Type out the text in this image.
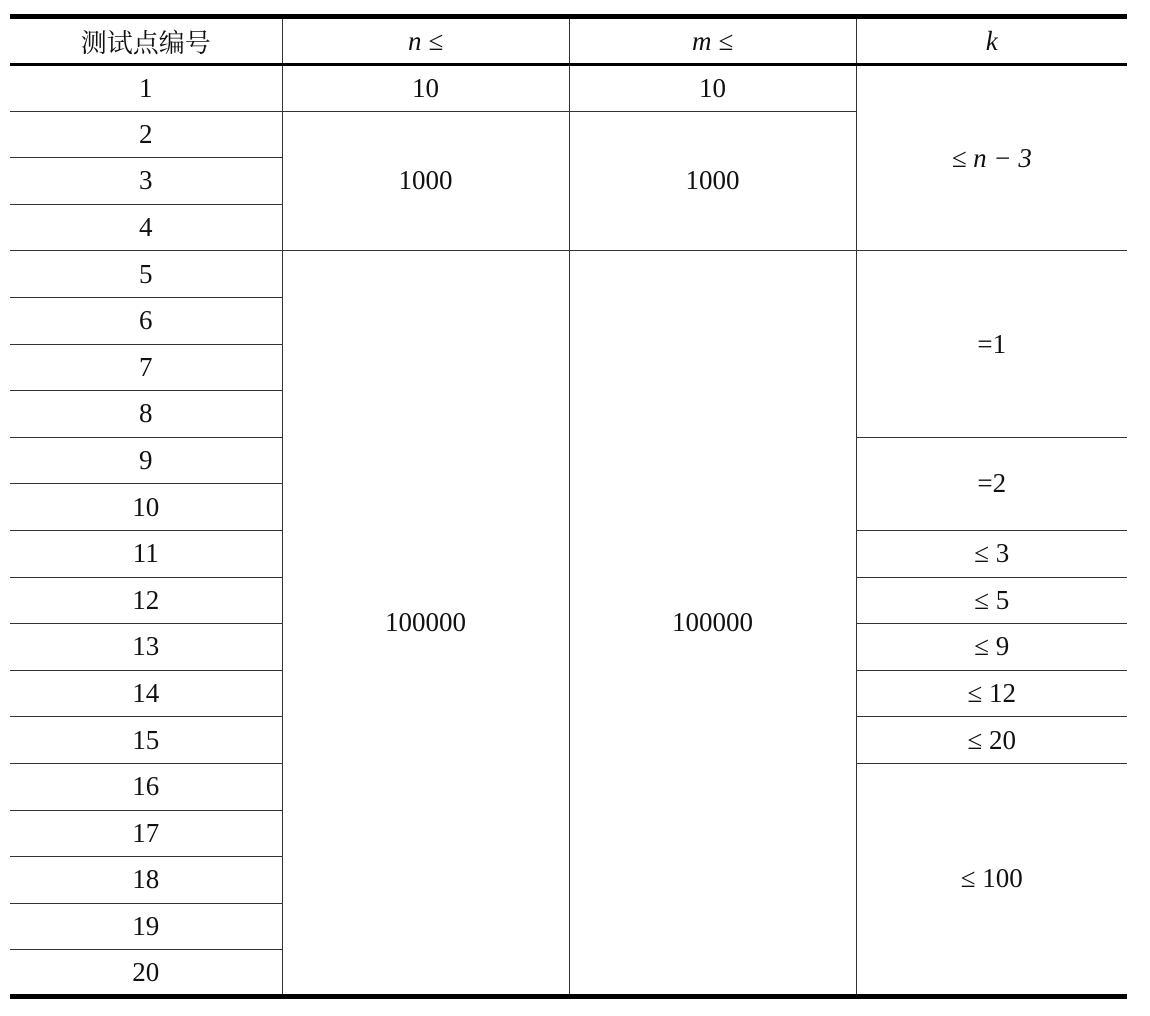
测试点编号	n ≤	m ≤	k
1	10	10	≤ n − 3
2	1000	1000	
3			
4			
5	100000	100000	=1
6			
7			
8			
9			=2
10			
11			≤ 3
12			≤ 5
13			≤ 9
14			≤ 12
15			≤ 20
16			≤ 100
17			
18			
19			
20			
